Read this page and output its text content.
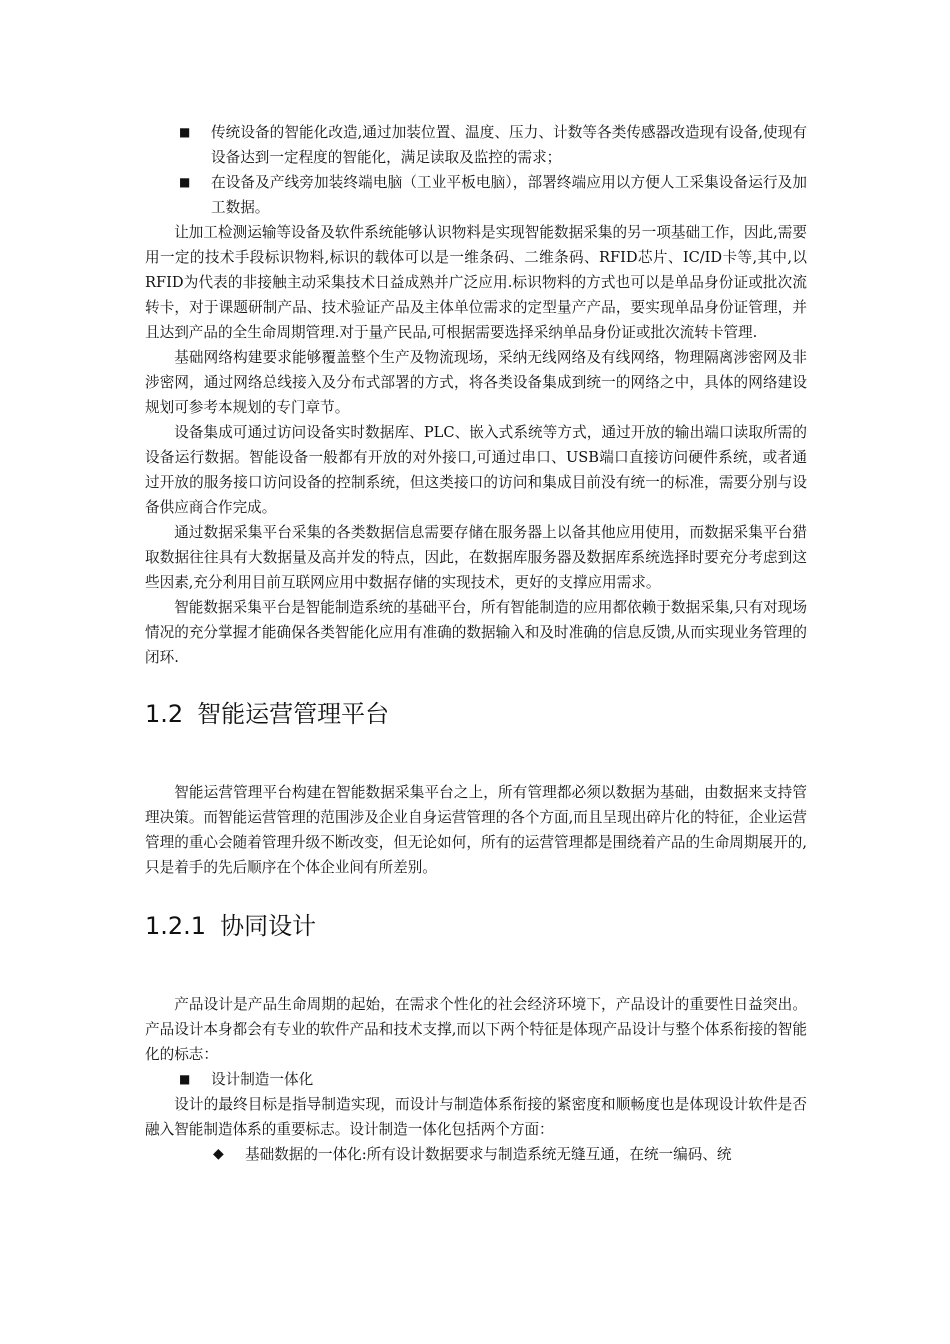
■ 传统设备的智能化改造,通过加装位置、温度、压力、计数等各类传感器改造现有设备,使现有设备达到一定程度的智能化，满足读取及监控的需求；
■ 在设备及产线旁加装终端电脑（工业平板电脑），部署终端应用以方便人工采集设备运行及加工数据。

让加工检测运输等设备及软件系统能够认识物料是实现智能数据采集的另一项基础工作，因此,需要用一定的技术手段标识物料,标识的载体可以是一维条码、二维条码、RFID芯片、IC/ID卡等,其中,以RFID为代表的非接触主动采集技术日益成熟并广泛应用.标识物料的方式也可以是单品身份证或批次流转卡，对于课题研制产品、技术验证产品及主体单位需求的定型量产产品，要实现单品身份证管理，并且达到产品的全生命周期管理.对于量产民品,可根据需要选择采纳单品身份证或批次流转卡管理.

基础网络构建要求能够覆盖整个生产及物流现场，采纳无线网络及有线网络，物理隔离涉密网及非涉密网，通过网络总线接入及分布式部署的方式，将各类设备集成到统一的网络之中，具体的网络建设规划可参考本规划的专门章节。

设备集成可通过访问设备实时数据库、PLC、嵌入式系统等方式，通过开放的输出端口读取所需的设备运行数据。智能设备一般都有开放的对外接口,可通过串口、USB端口直接访问硬件系统，或者通过开放的服务接口访问设备的控制系统，但这类接口的访问和集成目前没有统一的标准，需要分别与设备供应商合作完成。

通过数据采集平台采集的各类数据信息需要存储在服务器上以备其他应用使用，而数据采集平台猎取数据往往具有大数据量及高并发的特点，因此，在数据库服务器及数据库系统选择时要充分考虑到这些因素,充分利用目前互联网应用中数据存储的实现技术，更好的支撑应用需求。

智能数据采集平台是智能制造系统的基础平台，所有智能制造的应用都依赖于数据采集,只有对现场情况的充分掌握才能确保各类智能化应用有准确的数据输入和及时准确的信息反馈,从而实现业务管理的闭环.

1.2 智能运营管理平台

智能运营管理平台构建在智能数据采集平台之上，所有管理都必须以数据为基础，由数据来支持管理决策。而智能运营管理的范围涉及企业自身运营管理的各个方面,而且呈现出碎片化的特征，企业运营管理的重心会随着管理升级不断改变，但无论如何，所有的运营管理都是围绕着产品的生命周期展开的,只是着手的先后顺序在个体企业间有所差别。

1.2.1 协同设计

产品设计是产品生命周期的起始，在需求个性化的社会经济环境下，产品设计的重要性日益突出。产品设计本身都会有专业的软件产品和技术支撑,而以下两个特征是体现产品设计与整个体系衔接的智能化的标志：

■ 设计制造一体化

设计的最终目标是指导制造实现，而设计与制造体系衔接的紧密度和顺畅度也是体现设计软件是否融入智能制造体系的重要标志。设计制造一体化包括两个方面：

◆ 基础数据的一体化:所有设计数据要求与制造系统无缝互通，在统一编码、统
